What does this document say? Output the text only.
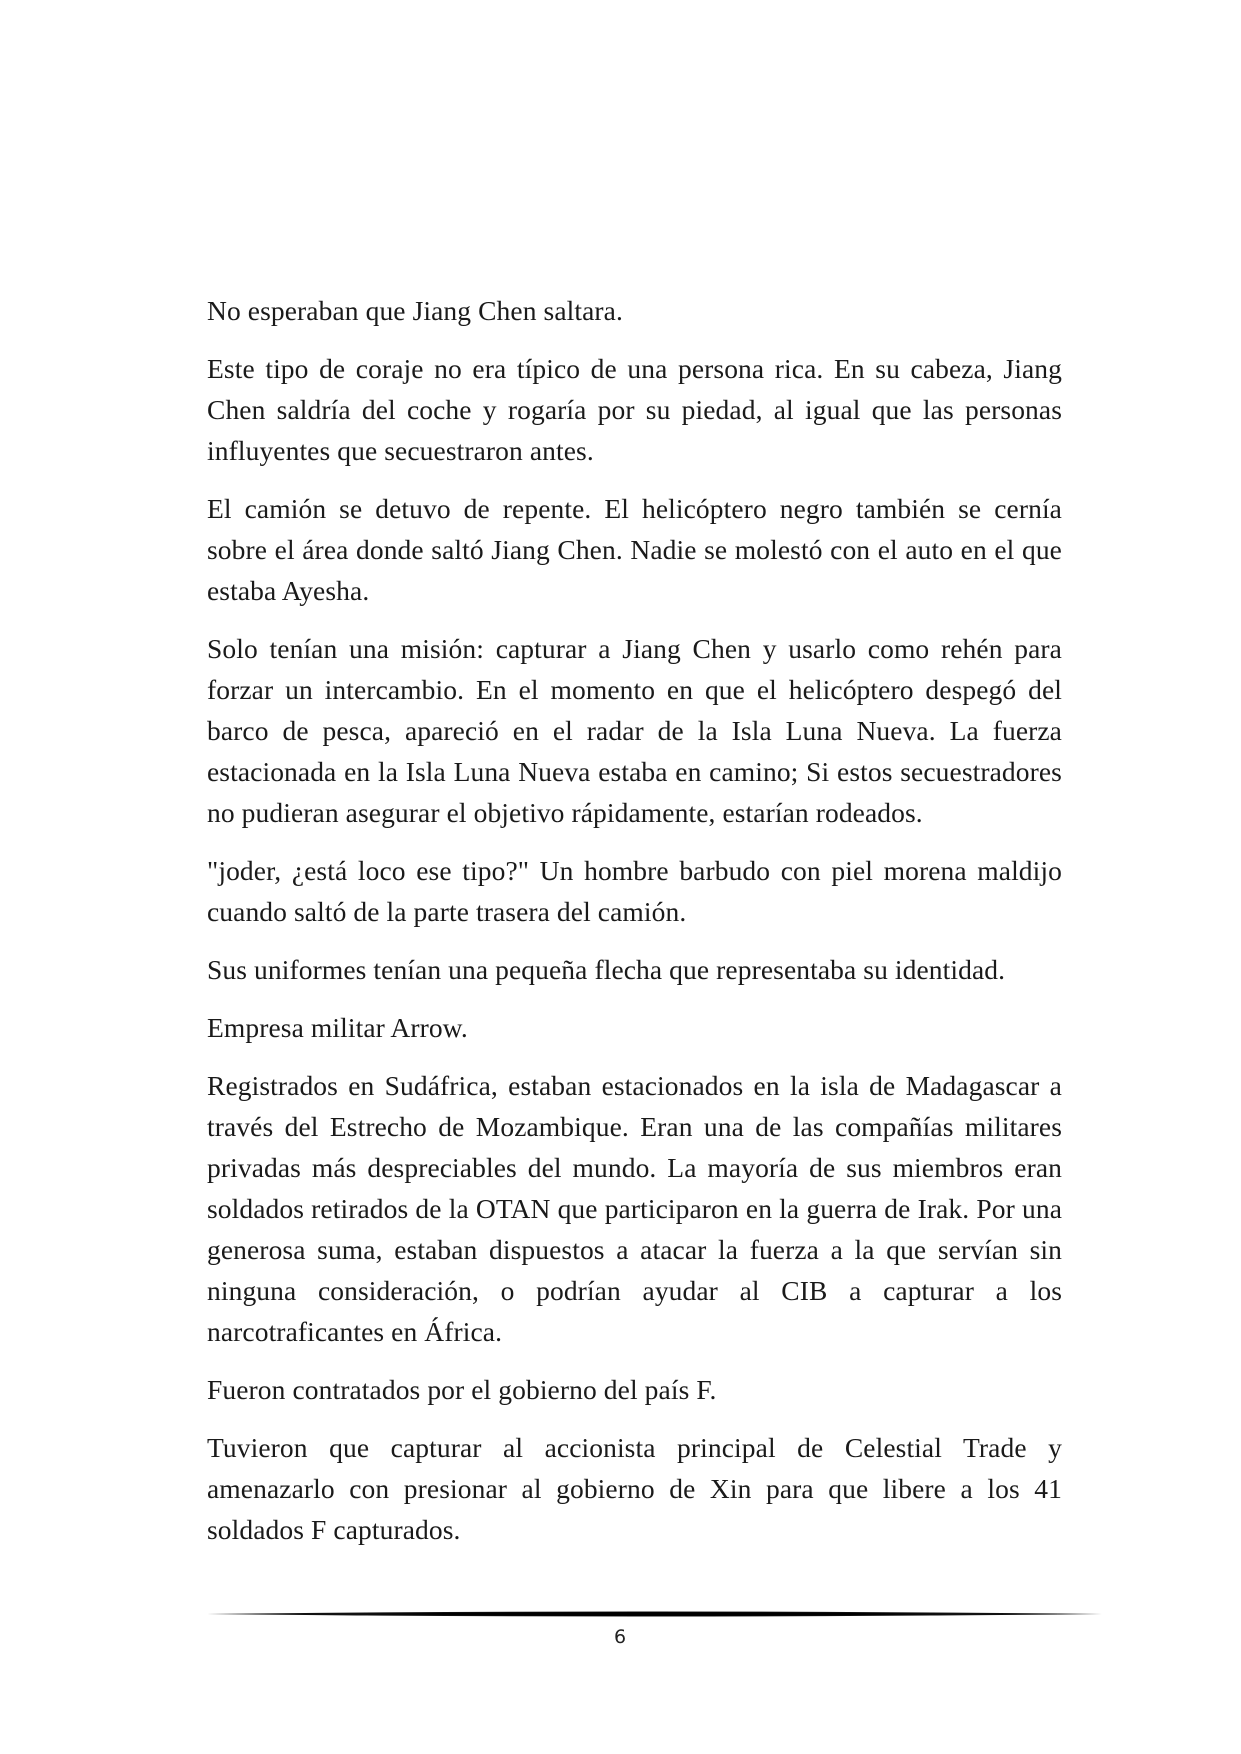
No esperaban que Jiang Chen saltara.

Este tipo de coraje no era típico de una persona rica. En su cabeza, Jiang Chen saldría del coche y rogaría por su piedad, al igual que las personas influyentes que secuestraron antes.

El camión se detuvo de repente. El helicóptero negro también se cernía sobre el área donde saltó Jiang Chen. Nadie se molestó con el auto en el que estaba Ayesha.

Solo tenían una misión: capturar a Jiang Chen y usarlo como rehén para forzar un intercambio. En el momento en que el helicóptero despegó del barco de pesca, apareció en el radar de la Isla Luna Nueva. La fuerza estacionada en la Isla Luna Nueva estaba en camino; Si estos secuestradores no pudieran asegurar el objetivo rápidamente, estarían rodeados.

"joder, ¿está loco ese tipo?" Un hombre barbudo con piel morena maldijo cuando saltó de la parte trasera del camión.

Sus uniformes tenían una pequeña flecha que representaba su identidad.

Empresa militar Arrow.

Registrados en Sudáfrica, estaban estacionados en la isla de Madagascar a través del Estrecho de Mozambique. Eran una de las compañías militares privadas más despreciables del mundo. La mayoría de sus miembros eran soldados retirados de la OTAN que participaron en la guerra de Irak. Por una generosa suma, estaban dispuestos a atacar la fuerza a la que servían sin ninguna consideración, o podrían ayudar al CIB a capturar a los narcotraficantes en África.

Fueron contratados por el gobierno del país F.

Tuvieron que capturar al accionista principal de Celestial Trade y amenazarlo con presionar al gobierno de Xin para que libere a los 41 soldados F capturados.

6
